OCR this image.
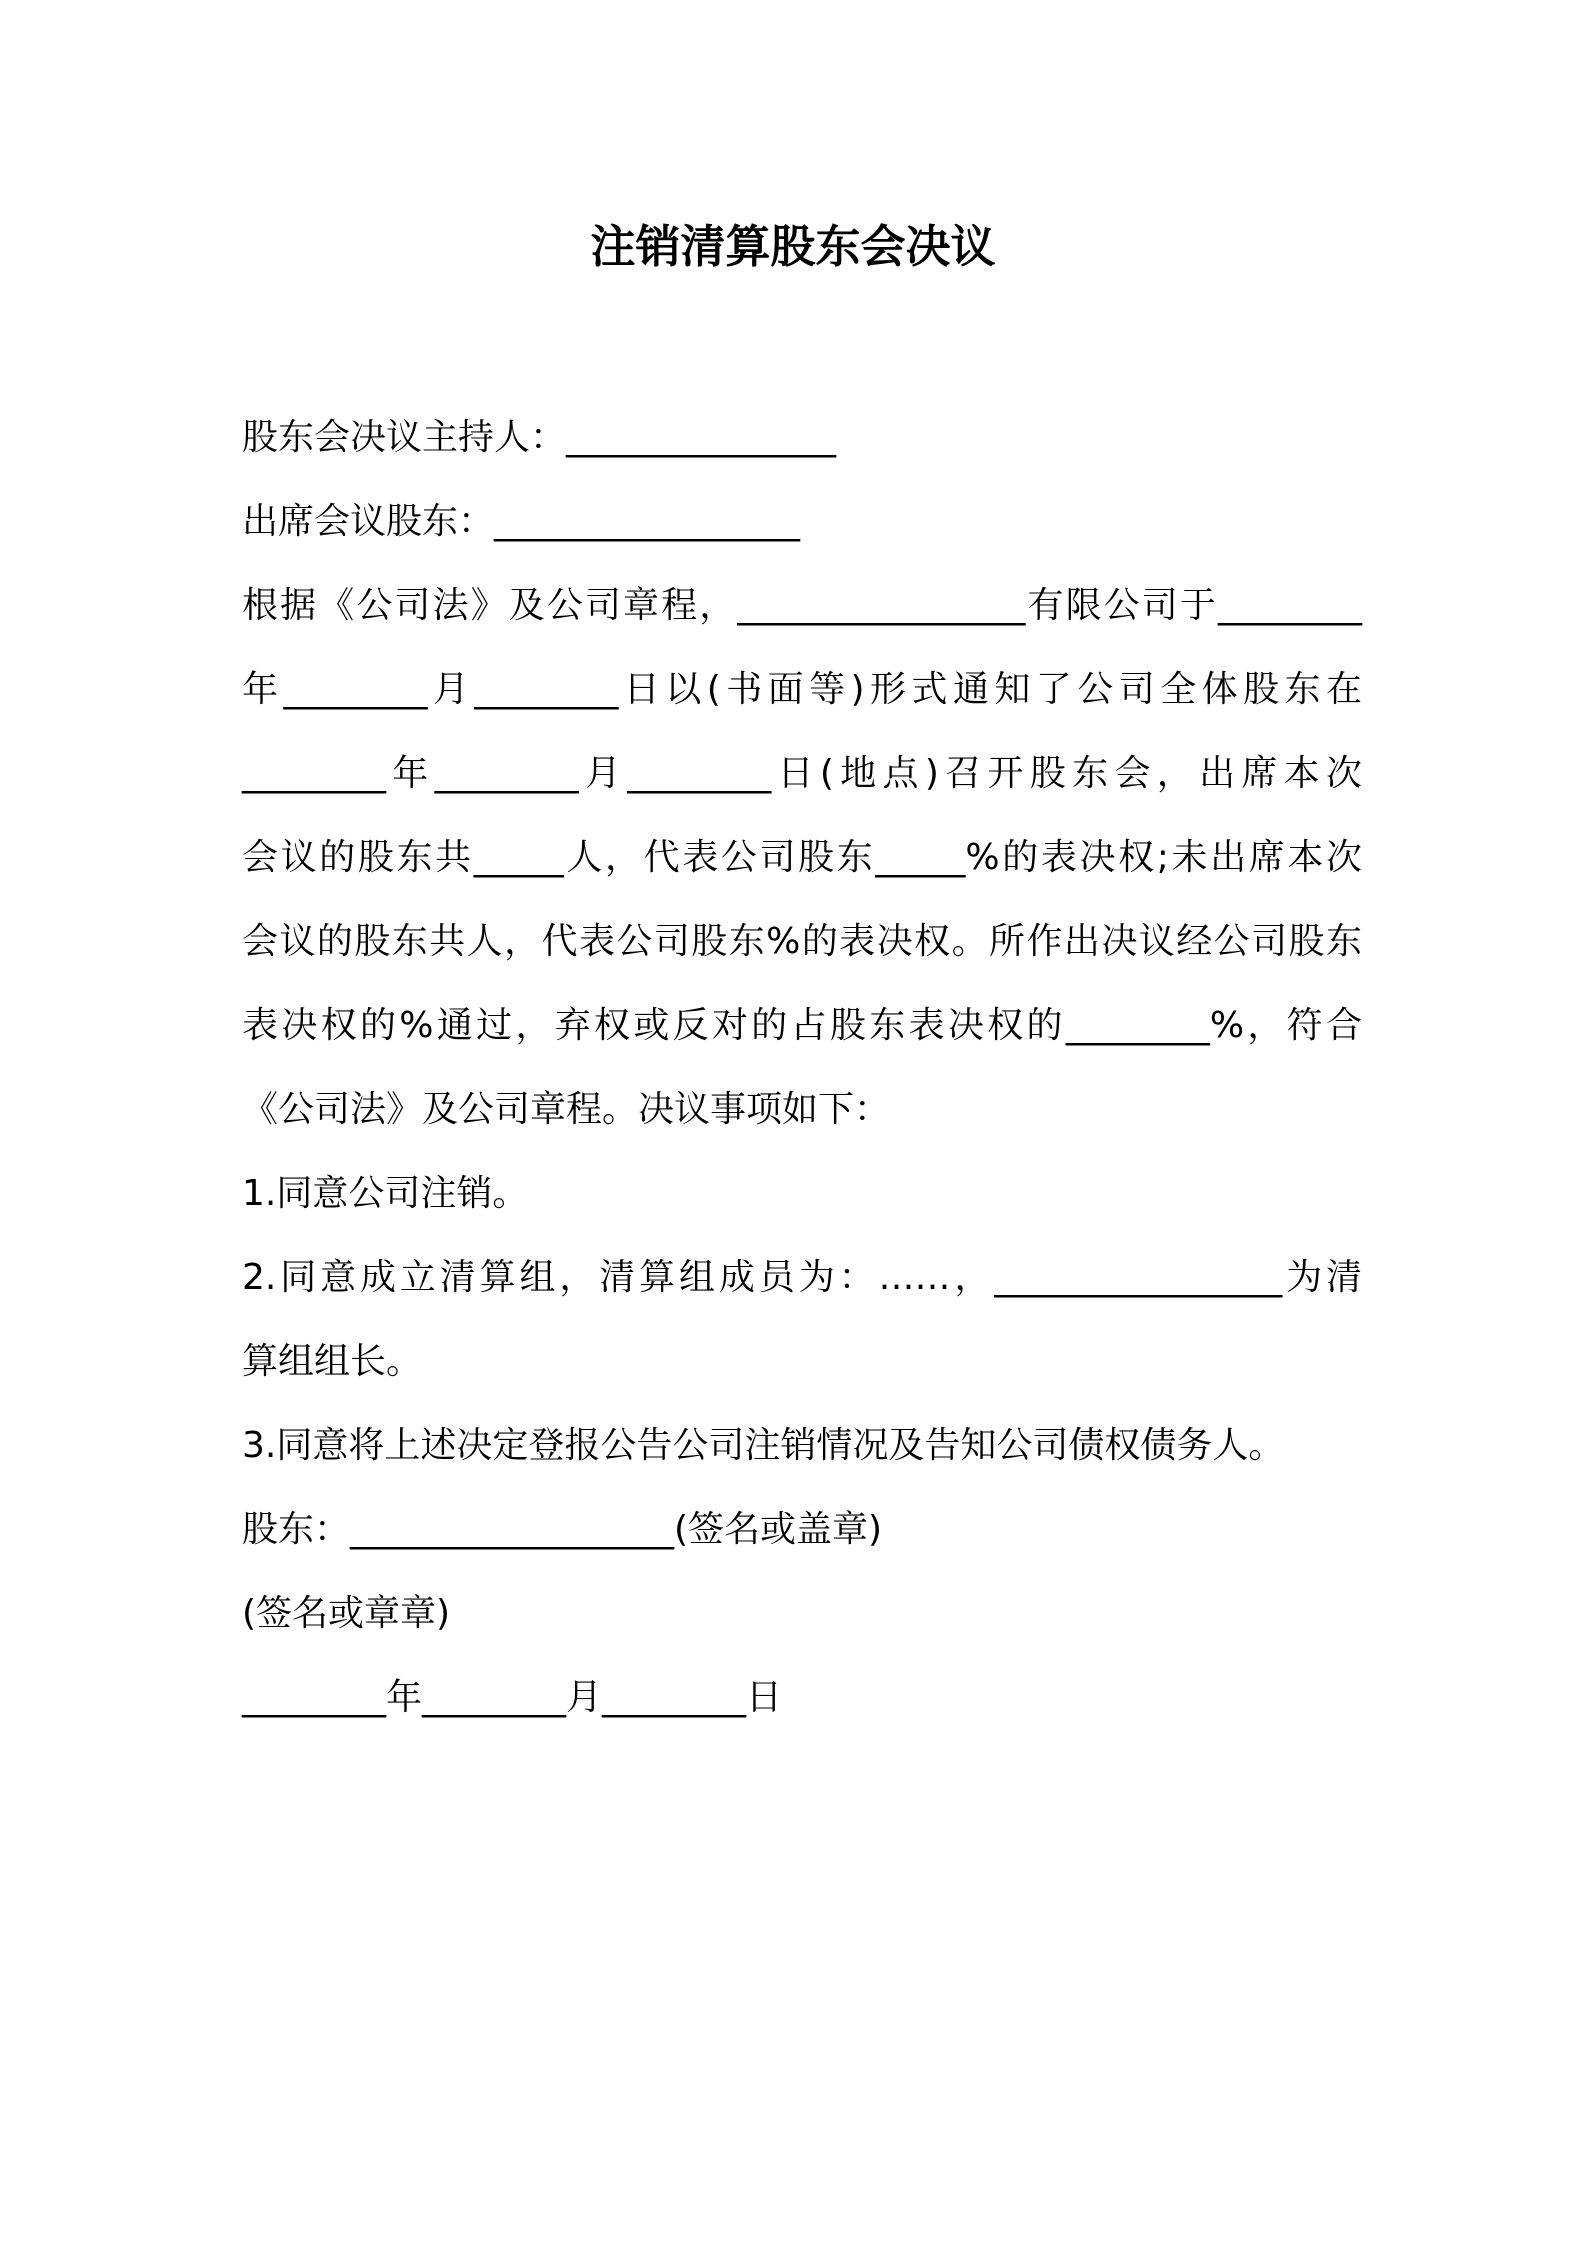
注销清算股东会决议

股东会决议主持人：_______________

出席会议股东：_________________

根据《公司法》及公司章程，________________有限公司于________

年________月________日以(书面等)形式通知了公司全体股东在

________年________月________日(地点)召开股东会，出席本次

会议的股东共_____人，代表公司股东_____%的表决权;未出席本次

会议的股东共人，代表公司股东%的表决权。所作出决议经公司股东

表决权的%通过，弃权或反对的占股东表决权的________%，符合

《公司法》及公司章程。决议事项如下：

1.同意公司注销。

2.同意成立清算组，清算组成员为：……，________________为清

算组组长。

3.同意将上述决定登报公告公司注销情况及告知公司债权债务人。

股东：__________________(签名或盖章)

(签名或章章)

________年________月________日
